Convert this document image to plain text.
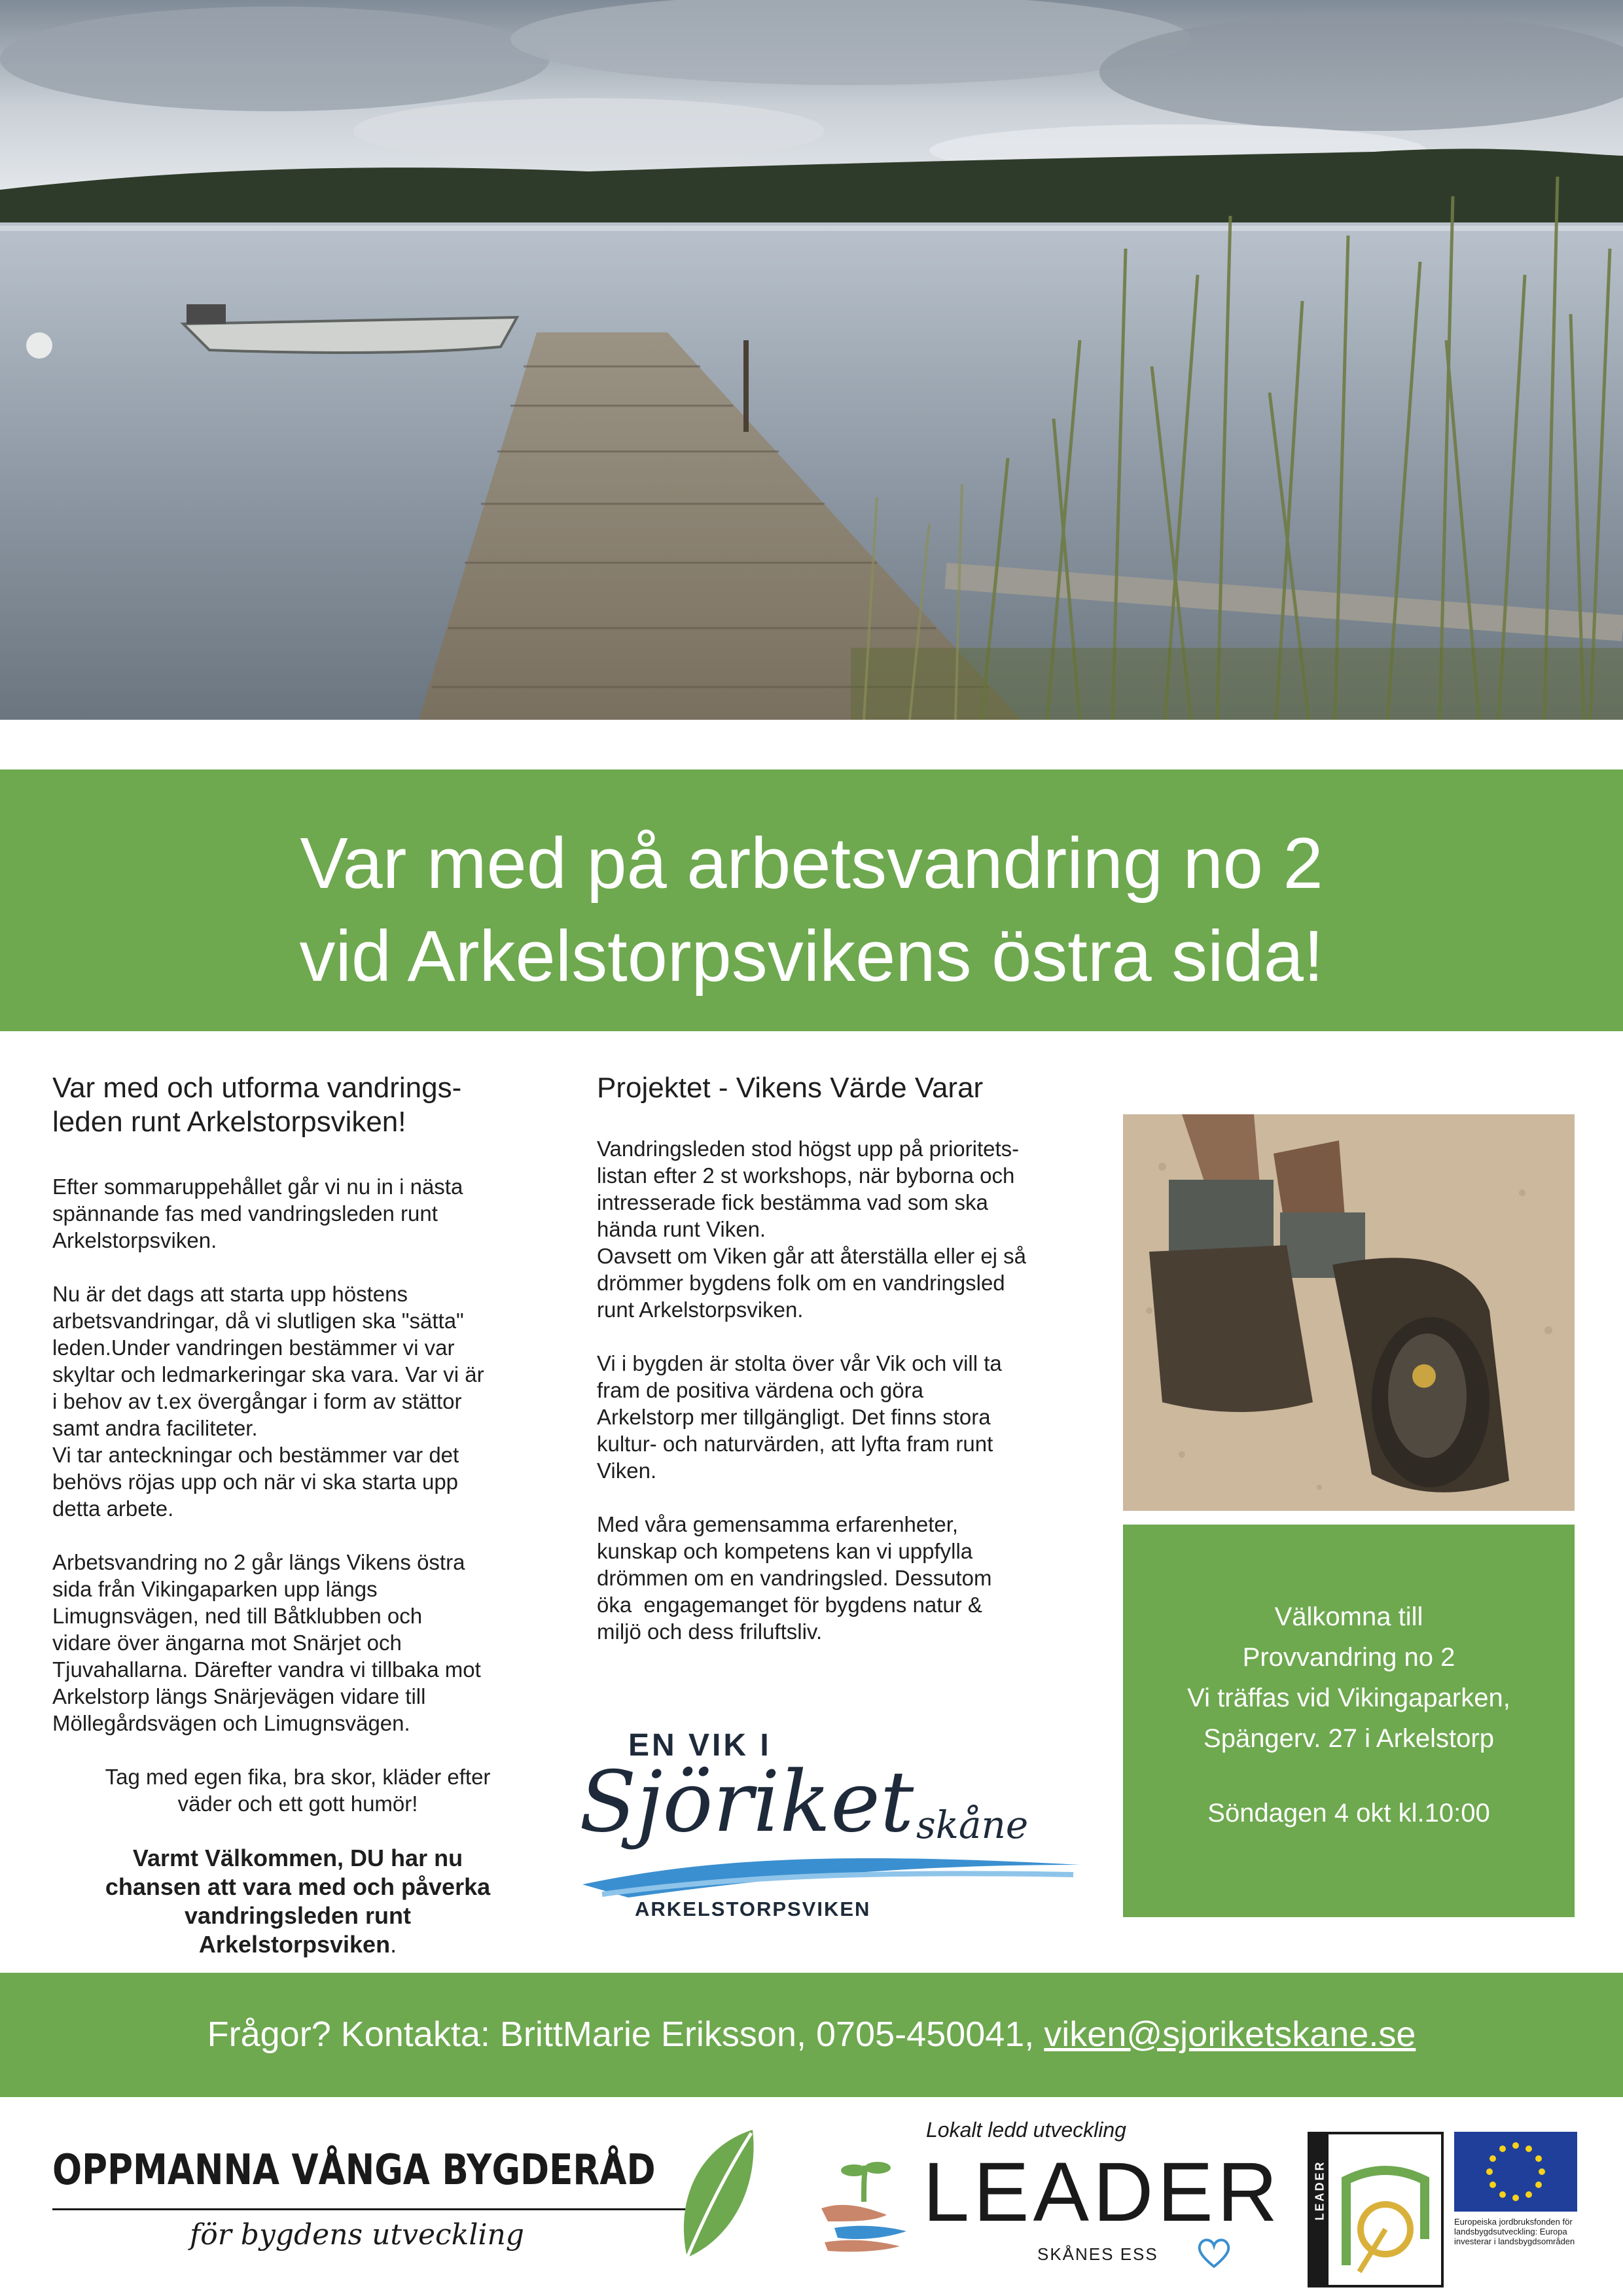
Var med på arbetsvandring no 2
vid Arkelstorpsvikens östra sida!

Var med och utforma vandrings-
leden runt Arkelstorpsviken!

Efter sommaruppehållet går vi nu in i nästa
spännande fas med vandringsleden runt
Arkelstorpsviken.

Nu är det dags att starta upp höstens
arbetsvandringar, då vi slutligen ska "sätta"
leden.Under vandringen bestämmer vi var
skyltar och ledmarkeringar ska vara. Var vi är
i behov av t.ex övergångar i form av stättor
samt andra faciliteter.
Vi tar anteckningar och bestämmer var det
behövs röjas upp och när vi ska starta upp
detta arbete.

Arbetsvandring no 2 går längs Vikens östra
sida från Vikingaparken upp längs
Limugnsvägen, ned till Båtklubben och
vidare över ängarna mot Snärjet och
Tjuvahallarna. Därefter vandra vi tillbaka mot
Arkelstorp längs Snärjevägen vidare till
Möllegårdsvägen och Limugnsvägen.

Tag med egen fika, bra skor, kläder efter
väder och ett gott humör!

Varmt Välkommen, DU har nu
chansen att vara med och påverka
vandringsleden runt
Arkelstorpsviken.

Projektet - Vikens Värde Varar

Vandringsleden stod högst upp på prioritets-
listan efter 2 st workshops, när byborna och
intresserade fick bestämma vad som ska
hända runt Viken.
Oavsett om Viken går att återställa eller ej så
drömmer bygdens folk om en vandringsled
runt Arkelstorpsviken.

Vi i bygden är stolta över vår Vik och vill ta
fram de positiva värdena och göra
Arkelstorp mer tillgängligt. Det finns stora
kultur- och naturvärden, att lyfta fram runt
Viken.

Med våra gemensamma erfarenheter,
kunskap och kompetens kan vi uppfylla
drömmen om en vandringsled. Dessutom
öka  engagemanget för bygdens natur &
miljö och dess friluftsliv.

Välkomna till
Provvandring no 2
Vi träffas vid Vikingaparken,
Spängerv. 27 i Arkelstorp
Söndagen 4 okt kl.10:00
EN VIK I
Sjöriket skåne
ARKELSTORPSVIKEN
Frågor? Kontakta: BrittMarie Eriksson, 0705-450041, viken@sjoriketskane.se
OPPMANNA VÅNGA BYGDERÅD
för bygdens utveckling
Lokalt ledd utveckling
LEADER
SKÅNES ESS
LEADER
Europeiska jordbruksfonden för landsbygdsutveckling: Europa investerar i landsbygdsområden
